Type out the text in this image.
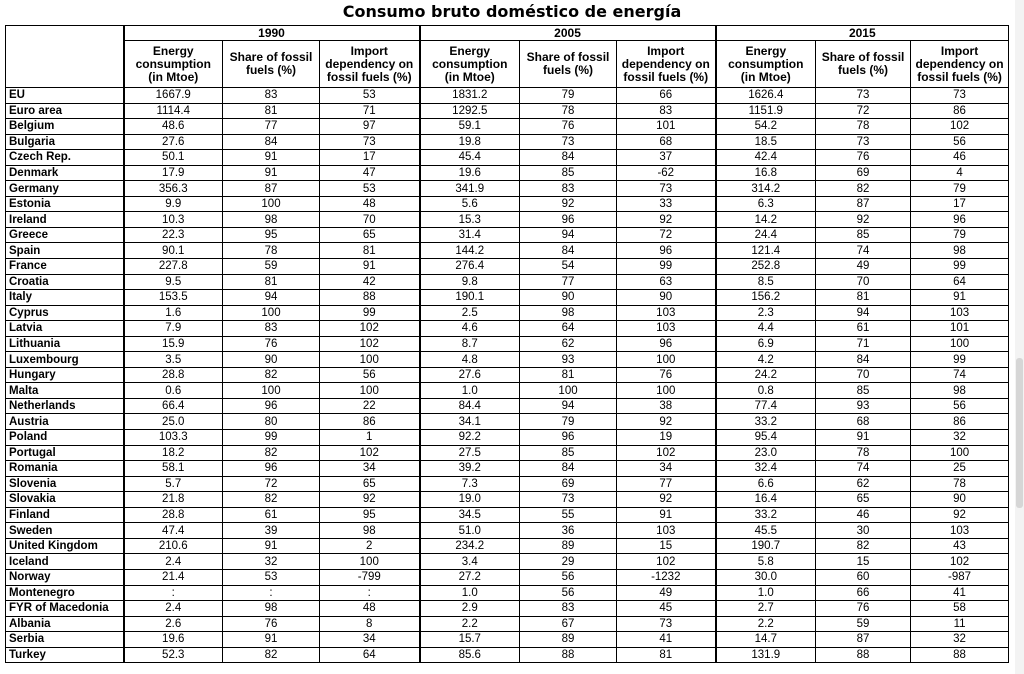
Consumo bruto doméstico de energía
	1990			2005			2015		
	Energy consumption (in Mtoe)	Share of fossil fuels (%)	Import dependency on fossil fuels (%)	Energy consumption (in Mtoe)	Share of fossil fuels (%)	Import dependency on fossil fuels (%)	Energy consumption (in Mtoe)	Share of fossil fuels (%)	Import dependency on fossil fuels (%)
EU	1667.9	83	53	1831.2	79	66	1626.4	73	73
Euro area	1114.4	81	71	1292.5	78	83	1151.9	72	86
Belgium	48.6	77	97	59.1	76	101	54.2	78	102
Bulgaria	27.6	84	73	19.8	73	68	18.5	73	56
Czech Rep.	50.1	91	17	45.4	84	37	42.4	76	46
Denmark	17.9	91	47	19.6	85	-62	16.8	69	4
Germany	356.3	87	53	341.9	83	73	314.2	82	79
Estonia	9.9	100	48	5.6	92	33	6.3	87	17
Ireland	10.3	98	70	15.3	96	92	14.2	92	96
Greece	22.3	95	65	31.4	94	72	24.4	85	79
Spain	90.1	78	81	144.2	84	96	121.4	74	98
France	227.8	59	91	276.4	54	99	252.8	49	99
Croatia	9.5	81	42	9.8	77	63	8.5	70	64
Italy	153.5	94	88	190.1	90	90	156.2	81	91
Cyprus	1.6	100	99	2.5	98	103	2.3	94	103
Latvia	7.9	83	102	4.6	64	103	4.4	61	101
Lithuania	15.9	76	102	8.7	62	96	6.9	71	100
Luxembourg	3.5	90	100	4.8	93	100	4.2	84	99
Hungary	28.8	82	56	27.6	81	76	24.2	70	74
Malta	0.6	100	100	1.0	100	100	0.8	85	98
Netherlands	66.4	96	22	84.4	94	38	77.4	93	56
Austria	25.0	80	86	34.1	79	92	33.2	68	86
Poland	103.3	99	1	92.2	96	19	95.4	91	32
Portugal	18.2	82	102	27.5	85	102	23.0	78	100
Romania	58.1	96	34	39.2	84	34	32.4	74	25
Slovenia	5.7	72	65	7.3	69	77	6.6	62	78
Slovakia	21.8	82	92	19.0	73	92	16.4	65	90
Finland	28.8	61	95	34.5	55	91	33.2	46	92
Sweden	47.4	39	98	51.0	36	103	45.5	30	103
United Kingdom	210.6	91	2	234.2	89	15	190.7	82	43
Iceland	2.4	32	100	3.4	29	102	5.8	15	102
Norway	21.4	53	-799	27.2	56	-1232	30.0	60	-987
Montenegro	:	:	:	1.0	56	49	1.0	66	41
FYR of Macedonia	2.4	98	48	2.9	83	45	2.7	76	58
Albania	2.6	76	8	2.2	67	73	2.2	59	11
Serbia	19.6	91	34	15.7	89	41	14.7	87	32
Turkey	52.3	82	64	85.6	88	81	131.9	88	88
